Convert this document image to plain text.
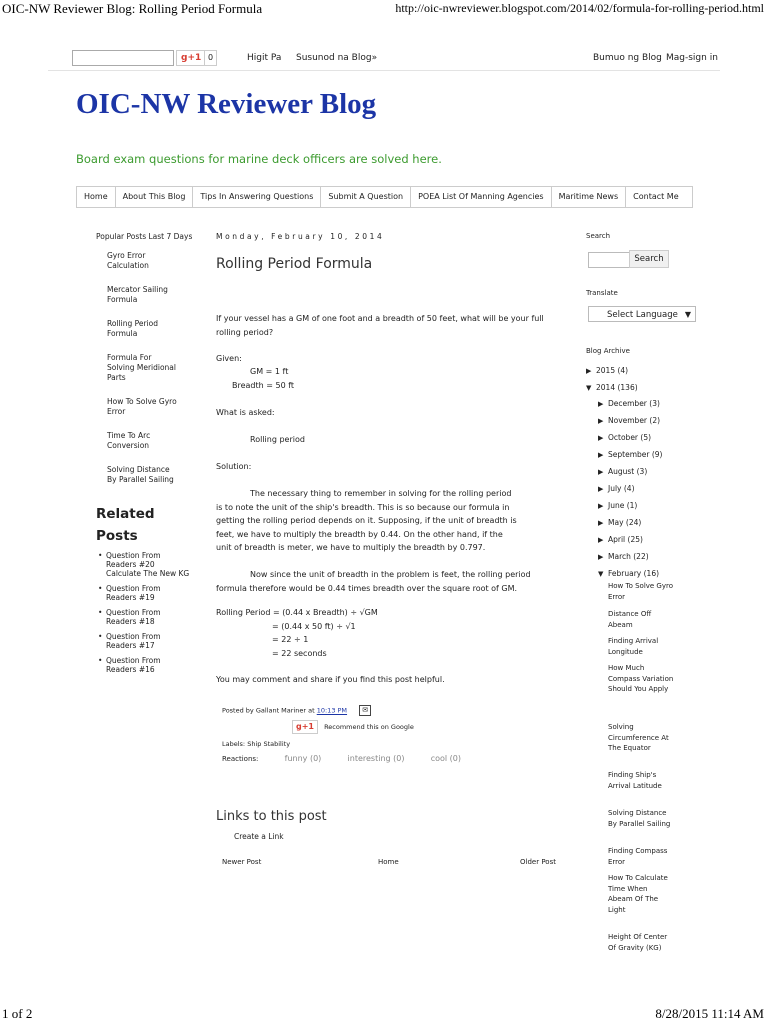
OIC-NW Reviewer Blog: Rolling Period Formula	http://oic-nwreviewer.blogspot.com/2014/02/formula-for-rolling-period.html
g+1 0	Higit Pa Susunod na Blog»	Bumuo ng Blog Mag-sign in
OIC-NW Reviewer Blog
Board exam questions for marine deck officers are solved here.
Home	About This Blog	Tips In Answering Questions	Submit A Question	POEA List Of Manning Agencies	Maritime News	Contact Me
Popular Posts Last 7 Days
Gyro Error Calculation
Mercator Sailing Formula
Rolling Period Formula
Formula For Solving Meridional Parts
How To Solve Gyro Error
Time To Arc Conversion
Solving Distance By Parallel Sailing
Related Posts
• Question From Readers #20 Calculate The New KG
• Question From Readers #19
• Question From Readers #18
• Question From Readers #17
• Question From Readers #16
Monday, February 10, 2014
Rolling Period Formula
If your vessel has a GM of one foot and a breadth of 50 feet, what will be your full rolling period?
Given:
GM = 1 ft
Breadth = 50 ft
What is asked:
Rolling period
Solution:
The necessary thing to remember in solving for the rolling period is to note the unit of the ship's breadth. This is so because our formula in getting the rolling period depends on it. Supposing, if the unit of breadth is feet, we have to multiply the breadth by 0.44. On the other hand, if the unit of breadth is meter, we have to multiply the breadth by 0.797.
Now since the unit of breadth in the problem is feet, the rolling period formula therefore would be 0.44 times breadth over the square root of GM.
Rolling Period = (0.44 x Breadth) ÷ √GM
= (0.44 x 50 ft) ÷ √1
= 22 ÷ 1
= 22 seconds
You may comment and share if you find this post helpful.
Posted by Gallant Mariner at 10:13 PM ✉
g+1 Recommend this on Google
Labels: Ship Stability
Reactions:	funny (0)	interesting (0)	cool (0)
Links to this post
Create a Link
Newer Post	Home	Older Post
Search
Search
Translate
Select Language ▼
Blog Archive
▶ 2015 (4)
▼ 2014 (136)
▶ December (3)
▶ November (2)
▶ October (5)
▶ September (9)
▶ August (3)
▶ July (4)
▶ June (1)
▶ May (24)
▶ April (25)
▶ March (22)
▼ February (16)
How To Solve Gyro Error
Distance Off Abeam
Finding Arrival Longitude
How Much Compass Variation Should You Apply
Solving Circumference At The Equator
Finding Ship's Arrival Latitude
Solving Distance By Parallel Sailing
Finding Compass Error
How To Calculate Time When Abeam Of The Light
Height Of Center Of Gravity (KG)
1 of 2	8/28/2015 11:14 AM
